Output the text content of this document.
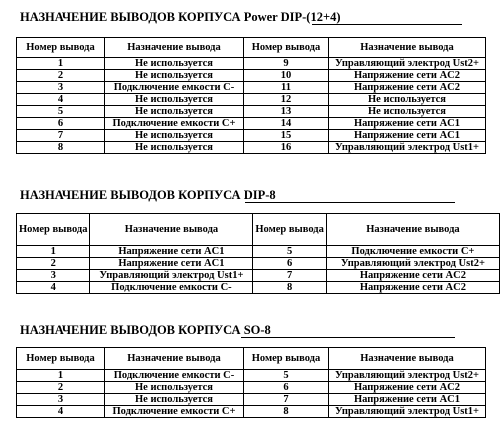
НАЗНАЧЕНИЕ ВЫВОДОВ КОРПУСА Power DIP-(12+4)
Номер вывода	Назначение вывода	Номер вывода	Назначение вывода
1	Не используется	9	Управляющий электрод Ust2+
2	Не используется	10	Напряжение сети AC2
3	Подключение емкости С-	11	Напряжение сети AC2
4	Не используется	12	Не используется
5	Не используется	13	Не используется
6	Подключение емкости С+	14	Напряжение сети AC1
7	Не используется	15	Напряжение сети AC1
8	Не используется	16	Управляющий электрод Ust1+
НАЗНАЧЕНИЕ ВЫВОДОВ КОРПУСА DIP-8
Номер вывода	Назначение вывода	Номер вывода	Назначение вывода
1	Напряжение сети AC1	5	Подключение емкости С+
2	Напряжение сети AC1	6	Управляющий электрод Ust2+
3	Управляющий электрод Ust1+	7	Напряжение сети AC2
4	Подключение емкости С-	8	Напряжение сети AC2
НАЗНАЧЕНИЕ ВЫВОДОВ КОРПУСА SO-8
Номер вывода	Назначение вывода	Номер вывода	Назначение вывода
1	Подключение емкости С-	5	Управляющий электрод Ust2+
2	Не используется	6	Напряжение сети AC2
3	Не используется	7	Напряжение сети AC1
4	Подключение емкости С+	8	Управляющий электрод Ust1+
